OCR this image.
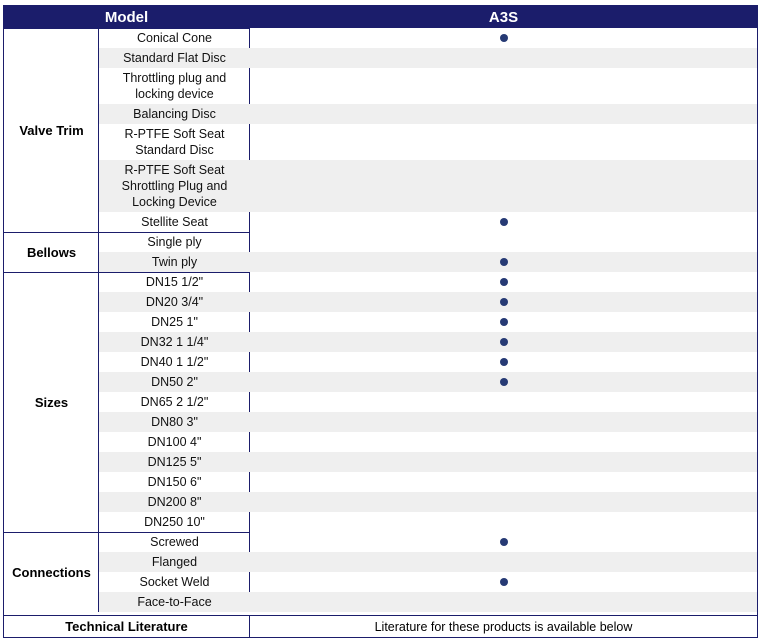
Model	A3S
Valve Trim
Conical Cone
Standard Flat Disc
Throttling plug and
locking device
Balancing Disc
R-PTFE Soft Seat
Standard Disc
R-PTFE Soft Seat
Shrottling Plug and
Locking Device
Stellite Seat
Bellows
Single ply
Twin ply
Sizes
DN15 1/2"
DN20 3/4"
DN25 1"
DN32 1 1/4"
DN40 1 1/2"
DN50 2"
DN65 2 1/2"
DN80 3"
DN100 4"
DN125 5"
DN150 6"
DN200 8"
DN250 10"
Connections
Screwed
Flanged
Socket Weld
Face-to-Face
Technical Literature	Literature for these products is available below
